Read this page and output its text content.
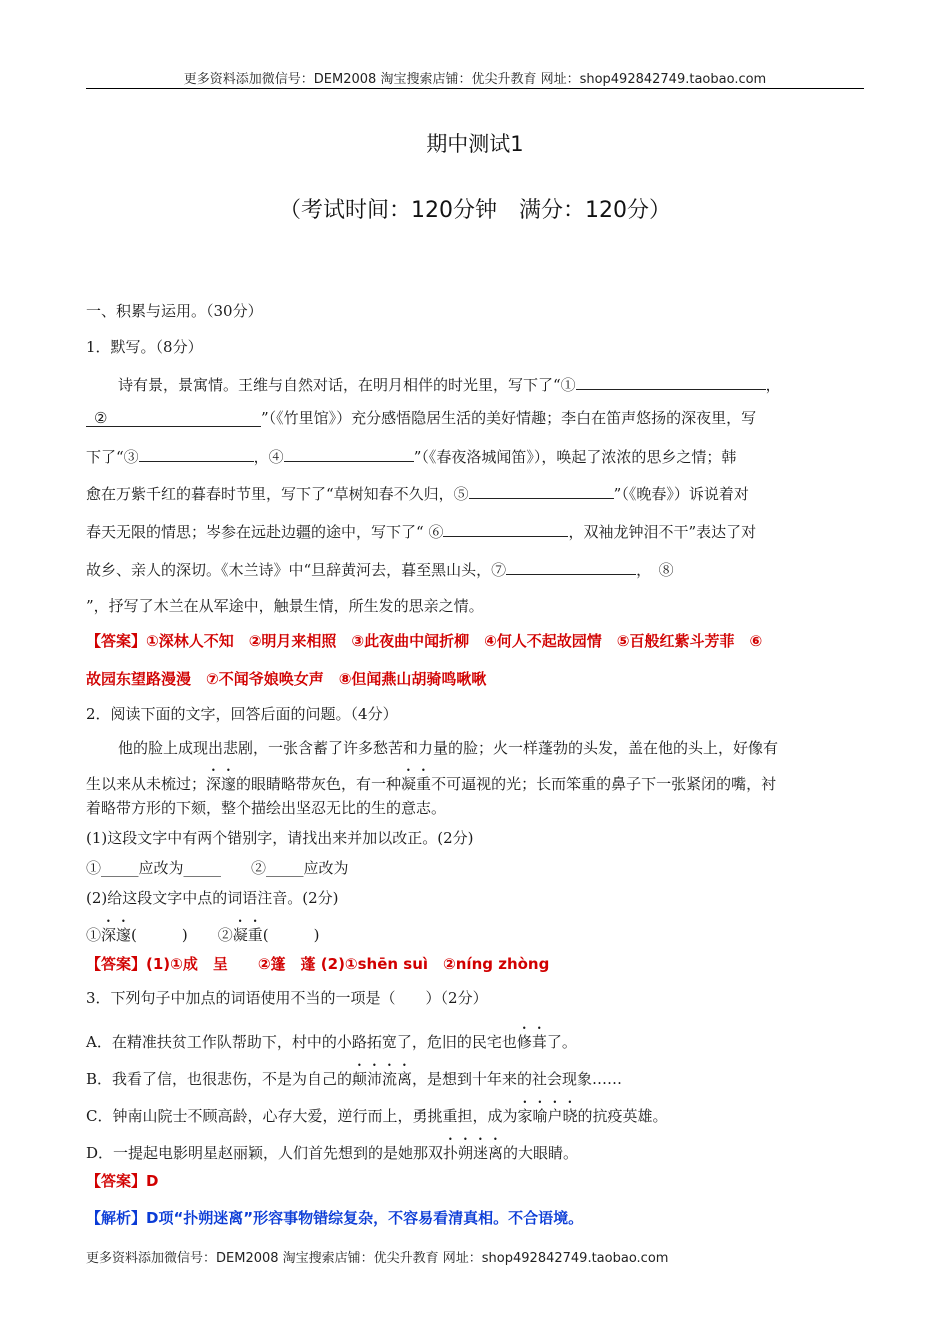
更多资料添加微信号：DEM2008 淘宝搜索店铺：优尖升教育 网址：shop492842749.taobao.com
期中测试1
（考试时间：120分钟　满分：120分）
一、积累与运用。（30分）
1．默写。（8分）
诗有景，景寓情。王维与自然对话，在明月相伴的时光里，写下了“①	，
②	”（《竹里馆》）充分感悟隐居生活的美好情趣；李白在笛声悠扬的深夜里，写
下了“③	，④	”（《春夜洛城闻笛》），唤起了浓浓的思乡之情；韩
愈在万紫千红的暮春时节里，写下了“草树知春不久归，⑤	”（《晚春》）诉说着对
春天无限的情思；岑参在远赴边疆的途中，写下了“ ⑥	，双袖龙钟泪不干”表达了对
故乡、亲人的深切。《木兰诗》中“旦辞黄河去，暮至黑山头，⑦	，　⑧
”，抒写了木兰在从军途中，触景生情，所生发的思亲之情。
【答案】①深林人不知　②明月来相照　③此夜曲中闻折柳　④何人不起故园情　⑤百般红紫斗芳菲　⑥
故园东望路漫漫　⑦不闻爷娘唤女声　⑧但闻燕山胡骑鸣啾啾
2．阅读下面的文字，回答后面的问题。（4分）
他的脸上成现出悲剧，一张含蓄了许多愁苦和力量的脸；火一样蓬勃的头发，盖在他的头上，好像有
生以来从未梳过；深邃的眼睛略带灰色，有一种凝重不可逼视的光；长而笨重的鼻子下一张紧闭的嘴，衬
着略带方形的下颏，整个描绘出坚忍无比的生的意志。
(1)这段文字中有两个错别字，请找出来并加以改正。(2分)
①_____应改为_____　　②_____应改为
(2)给这段文字中点的词语注音。(2分)
①深邃(　　　)　　②凝重(　　　)
【答案】(1)①成　呈　　②篷　蓬 (2)①shēn suì　②níng zhòng
3．下列句子中加点的词语使用不当的一项是（　　）（2分）
A．在精准扶贫工作队帮助下，村中的小路拓宽了，危旧的民宅也修葺了。
B．我看了信，也很悲伤，不是为自己的颠沛流离，是想到十年来的社会现象……
C．钟南山院士不顾高龄，心存大爱，逆行而上，勇挑重担，成为家喻户晓的抗疫英雄。
D．一提起电影明星赵丽颖，人们首先想到的是她那双扑朔迷离的大眼睛。
【答案】D
【解析】D项“扑朔迷离”形容事物错综复杂，不容易看清真相。不合语境。
更多资料添加微信号：DEM2008 淘宝搜索店铺：优尖升教育 网址：shop492842749.taobao.com
